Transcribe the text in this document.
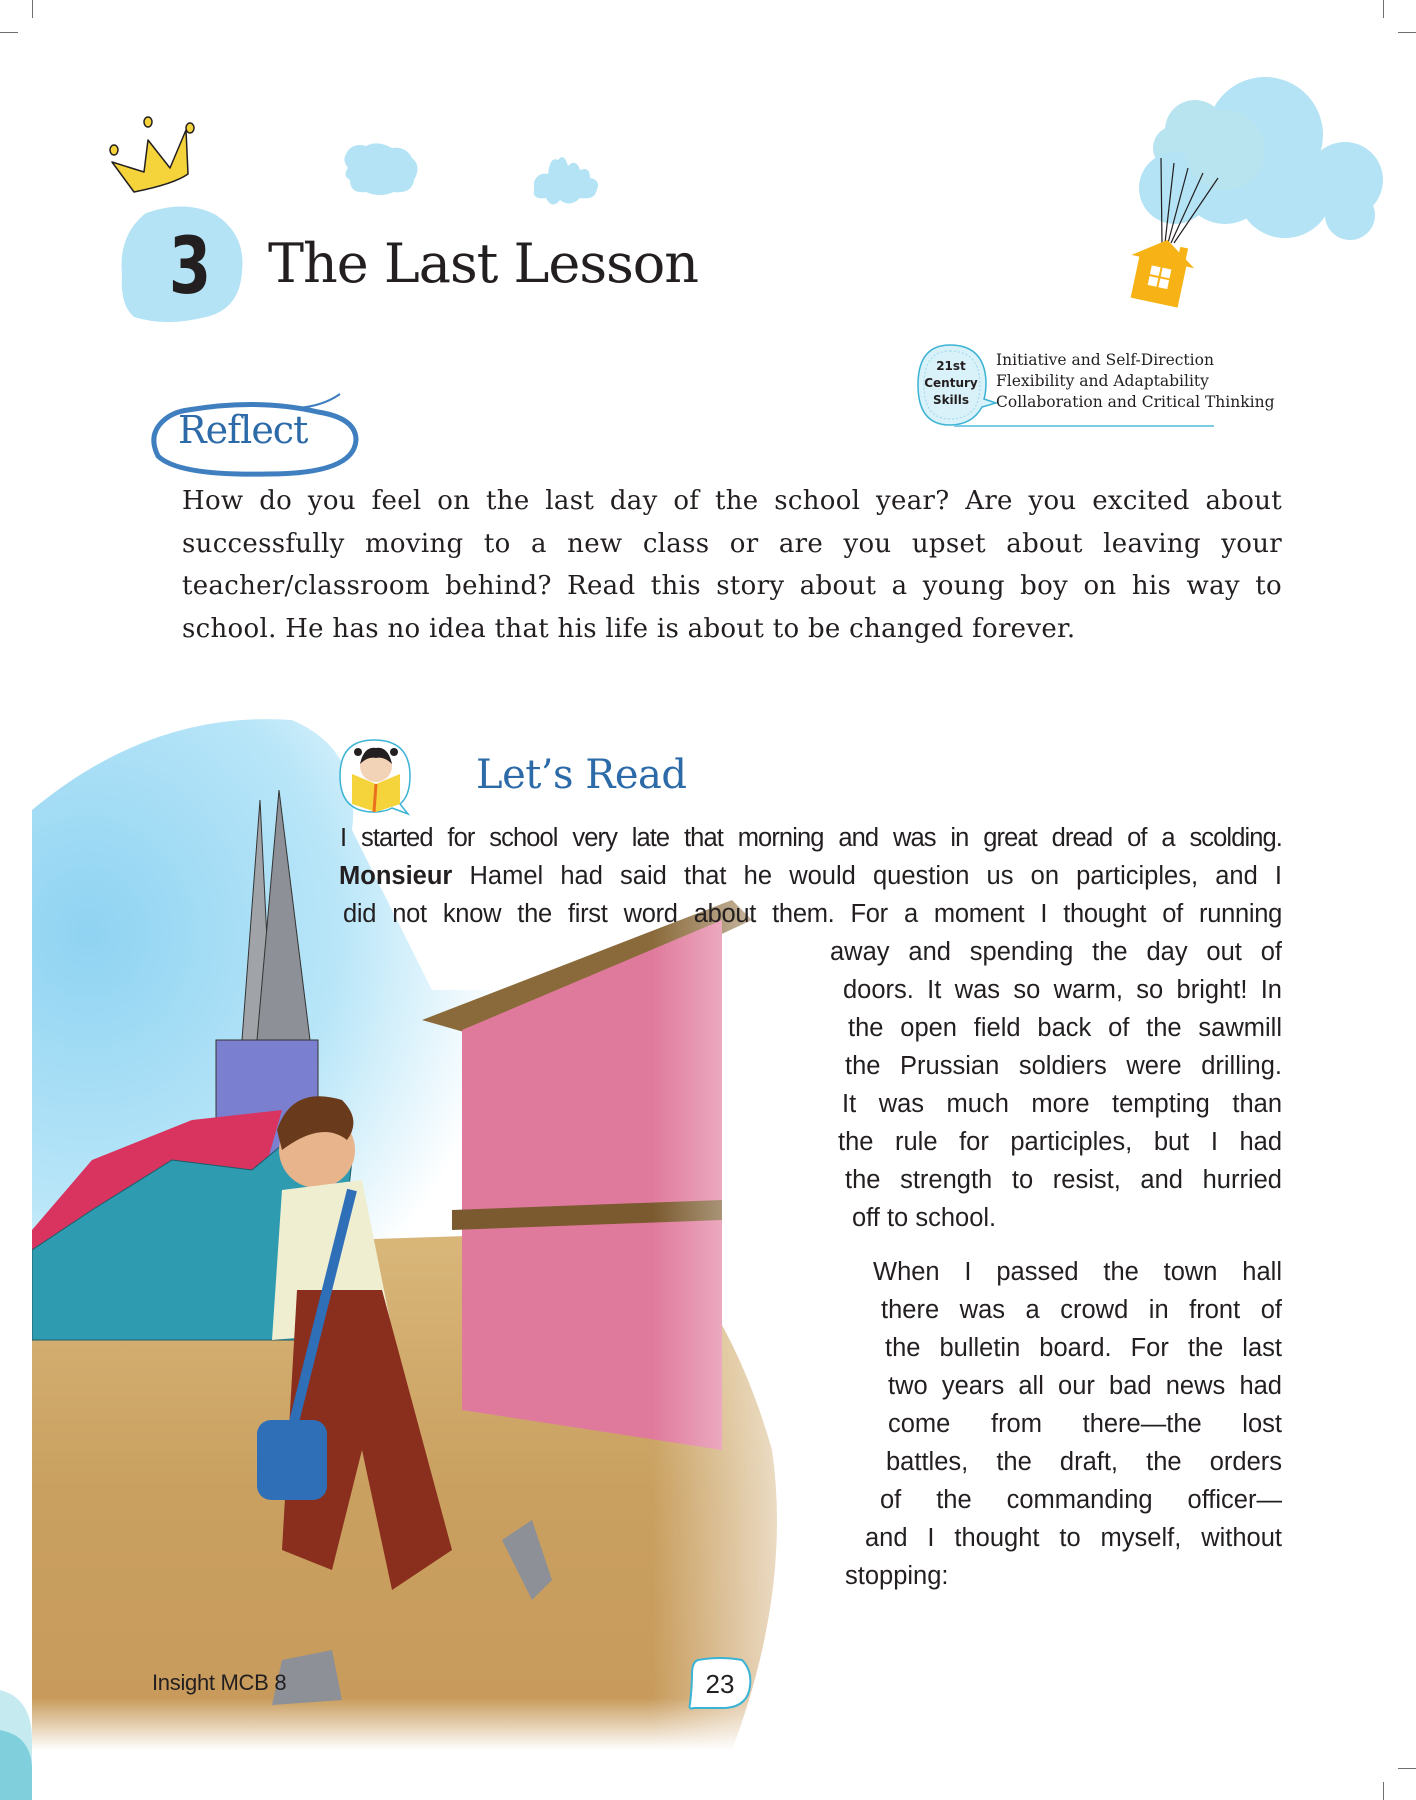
3 The Last Lesson
21st
Century
Skills
Initiative and Self-Direction
Flexibility and Adaptability
Collaboration and Critical Thinking
Reflect
How do you feel on the last day of the school year? Are you excited about successfully moving to a new class or are you upset about leaving your teacher/classroom behind? Read this story about a young boy on his way to school. He has no idea that his life is about to be changed forever.
Let’s Read
I started for school very late that morning and was in great dread of a scolding.
Monsieur Hamel had said that he would question us on participles, and I
did not know the first word about them. For a moment I thought of running
away and spending the day out of
doors. It was so warm, so bright! In
the open field back of the sawmill
the Prussian soldiers were drilling.
It was much more tempting than
the rule for participles, but I had
the strength to resist, and hurried
off to school.
When I passed the town hall
there was a crowd in front of
the bulletin board. For the last
two years all our bad news had
come from there—the lost
battles, the draft, the orders
of the commanding officer—
and I thought to myself, without
stopping:
Insight MCB 8	23
